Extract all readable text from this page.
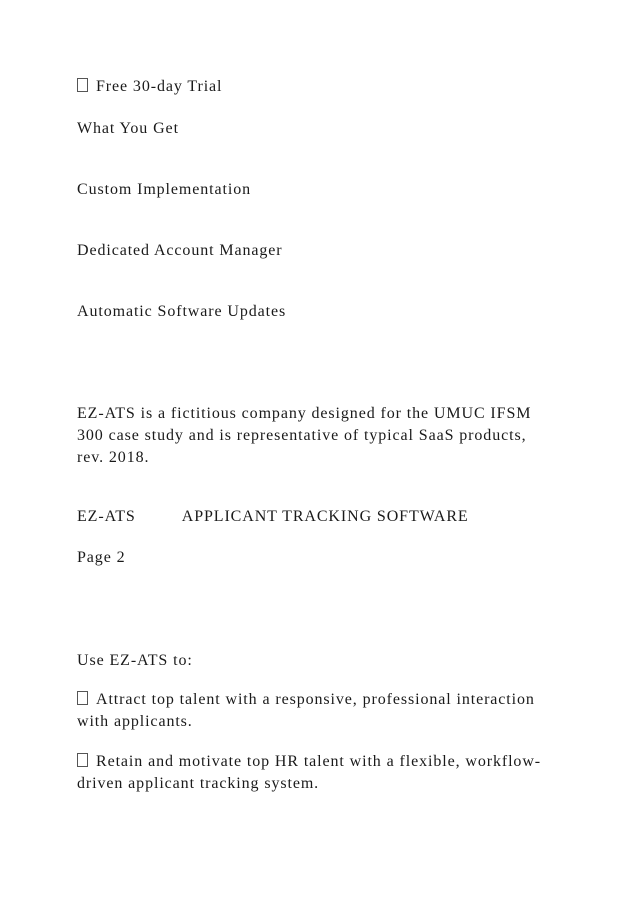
Free 30-day Trial
What You Get
Custom Implementation
Dedicated Account Manager
Automatic Software Updates
EZ-ATS is a fictitious company designed for the UMUC IFSM
300 case study and is representative of typical SaaS products,
rev. 2018.
EZ-ATS	APPLICANT TRACKING SOFTWARE
Page 2
Use EZ-ATS to:
Attract top talent with a responsive, professional interaction
with applicants.
Retain and motivate top HR talent with a flexible, workflow-
driven applicant tracking system.
